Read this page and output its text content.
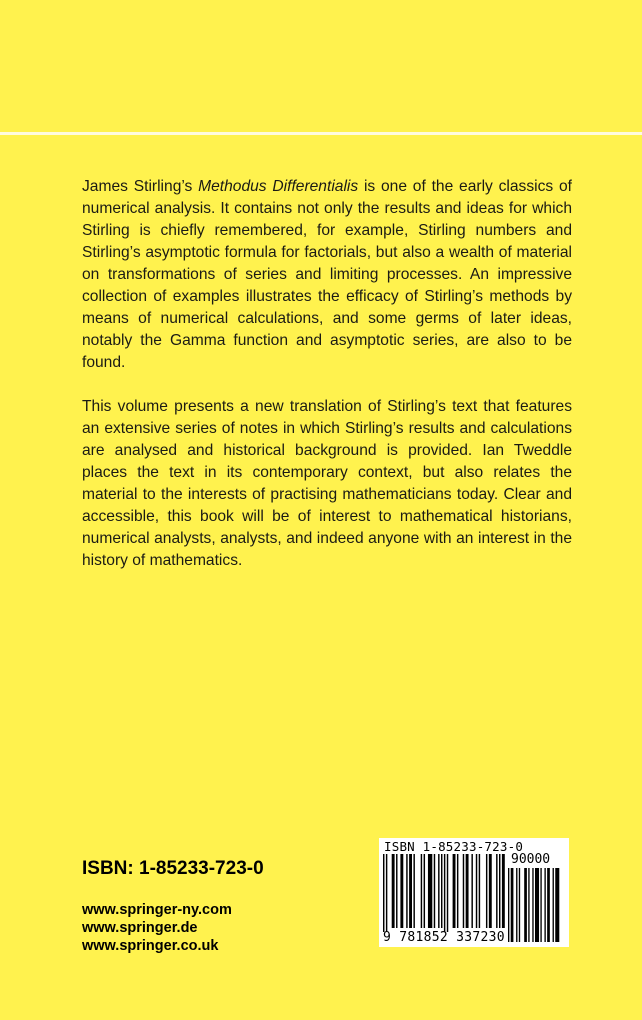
James Stirling’s Methodus Differentialis is one of the early classics of numerical analysis. It contains not only the results and ideas for which Stirling is chiefly remembered, for example, Stirling numbers and Stirling’s asymptotic formula for factorials, but also a wealth of material on transformations of series and limiting processes. An impressive collection of examples illustrates the efficacy of Stirling’s methods by means of numerical calculations, and some germs of later ideas, notably the Gamma function and asymptotic series, are also to be found.

This volume presents a new translation of Stirling’s text that features an extensive series of notes in which Stirling’s results and calculations are analysed and historical background is provided. Ian Tweddle places the text in its contemporary context, but also relates the material to the interests of practising mathematicians today. Clear and accessible, this book will be of interest to mathematical historians, numerical analysts, analysts, and indeed anyone with an interest in the history of mathematics.

ISBN: 1-85233-723-0
www.springer-ny.com
www.springer.de
www.springer.co.uk
ISBN 1-85233-723-0
9 781852 337230
90000
